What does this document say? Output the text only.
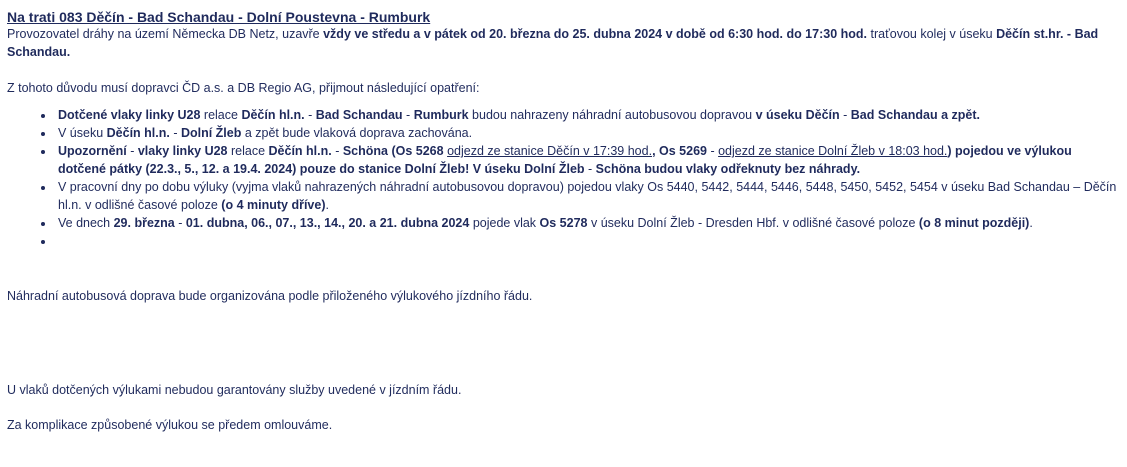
Na trati 083 Děčín - Bad Schandau - Dolní Poustevna - Rumburk

Provozovatel dráhy na území Německa DB Netz, uzavře vždy ve středu a v pátek od 20. března do 25. dubna 2024 v době od 6:30 hod. do 17:30 hod. traťovou kolej v úseku Děčín st.hr. - Bad Schandau.

Z tohoto důvodu musí dopravci ČD a.s. a DB Regio AG, přijmout následující opatření:

• Dotčené vlaky linky U28 relace Děčín hl.n. - Bad Schandau - Rumburk budou nahrazeny náhradní autobusovou dopravou v úseku Děčín - Bad Schandau a zpět.
• V úseku Děčín hl.n. - Dolní Žleb a zpět bude vlaková doprava zachována.
• Upozornění - vlaky linky U28 relace Děčín hl.n. - Schöna (Os 5268 odjezd ze stanice Děčín v 17:39 hod., Os 5269 - odjezd ze stanice Dolní Žleb v 18:03 hod.) pojedou ve výlukou dotčené pátky (22.3., 5., 12. a 19.4. 2024) pouze do stanice Dolní Žleb! V úseku Dolní Žleb - Schöna budou vlaky odřeknuty bez náhrady.
• V pracovní dny po dobu výluky (vyjma vlaků nahrazených náhradní autobusovou dopravou) pojedou vlaky Os 5440, 5442, 5444, 5446, 5448, 5450, 5452, 5454 v úseku Bad Schandau – Děčín hl.n. v odlišné časové poloze (o 4 minuty dříve).
• Ve dnech 29. března - 01. dubna, 06., 07., 13., 14., 20. a 21. dubna 2024 pojede vlak Os 5278 v úseku Dolní Žleb - Dresden Hbf. v odlišné časové poloze (o 8 minut později).
•

Náhradní autobusová doprava bude organizována podle přiloženého výlukového jízdního řádu.

U vlaků dotčených výlukami nebudou garantovány služby uvedené v jízdním řádu.

Za komplikace způsobené výlukou se předem omlouváme.
